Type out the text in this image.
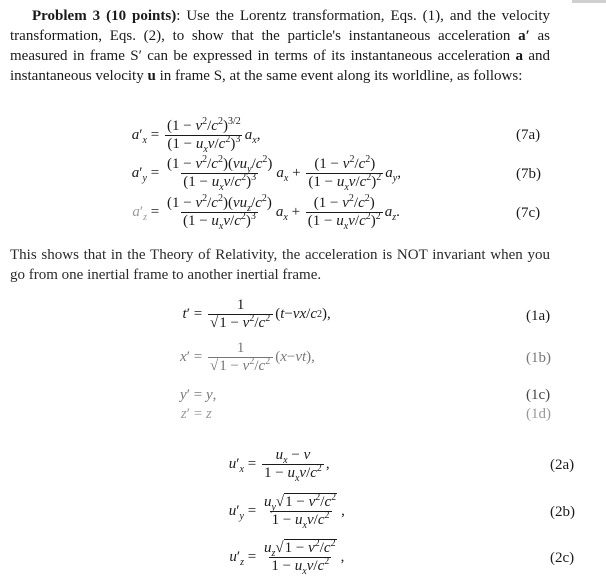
Problem 3 (10 points): Use the Lorentz transformation, Eqs. (1), and the velocity transformation, Eqs. (2), to show that the particle's instantaneous acceleration a′ as measured in frame S′ can be expressed in terms of its instantaneous acceleration a and instantaneous velocity u in frame S, at the same event along its worldline, as follows:
$a'_x = \frac{(1 - v^2/c^2)^{3/2}}{(1 - u_xv/c^2)^3} a_x$ ,	(7a)
$a'_y = \frac{(1 - v^2/c^2)(vu_y/c^2)}{(1 - u_xv/c^2)^3} a_x + \frac{(1 - v^2/c^2)}{(1 - u_xv/c^2)^2} a_y$ ,	(7b)
$a'_z = \frac{(1 - v^2/c^2)(vu_z/c^2)}{(1 - u_xv/c^2)^3} a_x + \frac{(1 - v^2/c^2)}{(1 - u_xv/c^2)^2} a_z$ .	(7c)
This shows that in the Theory of Relativity, the acceleration is NOT invariant when you go from one inertial frame to another inertial frame.
$t' = \frac{1}{√1 - v^2/c^2}$ ( t − vx / c 2 ),	(1a)
$x' = \frac{1}{√1 - v^2/c^2}$ ( x − vt ),	(1b)
y′ = y ,	(1c)
z′ = z	(1d)
$u'_x = \frac{u_x - v}{1 - u_xv/c^2}$ ,	(2a)
$u'_y = \frac{u_y√1 - v^2/c^2}{1 - u_xv/c^2}$ ,	(2b)
$u'_z = \frac{u_z√1 - v^2/c^2}{1 - u_xv/c^2}$ ,	(2c)
